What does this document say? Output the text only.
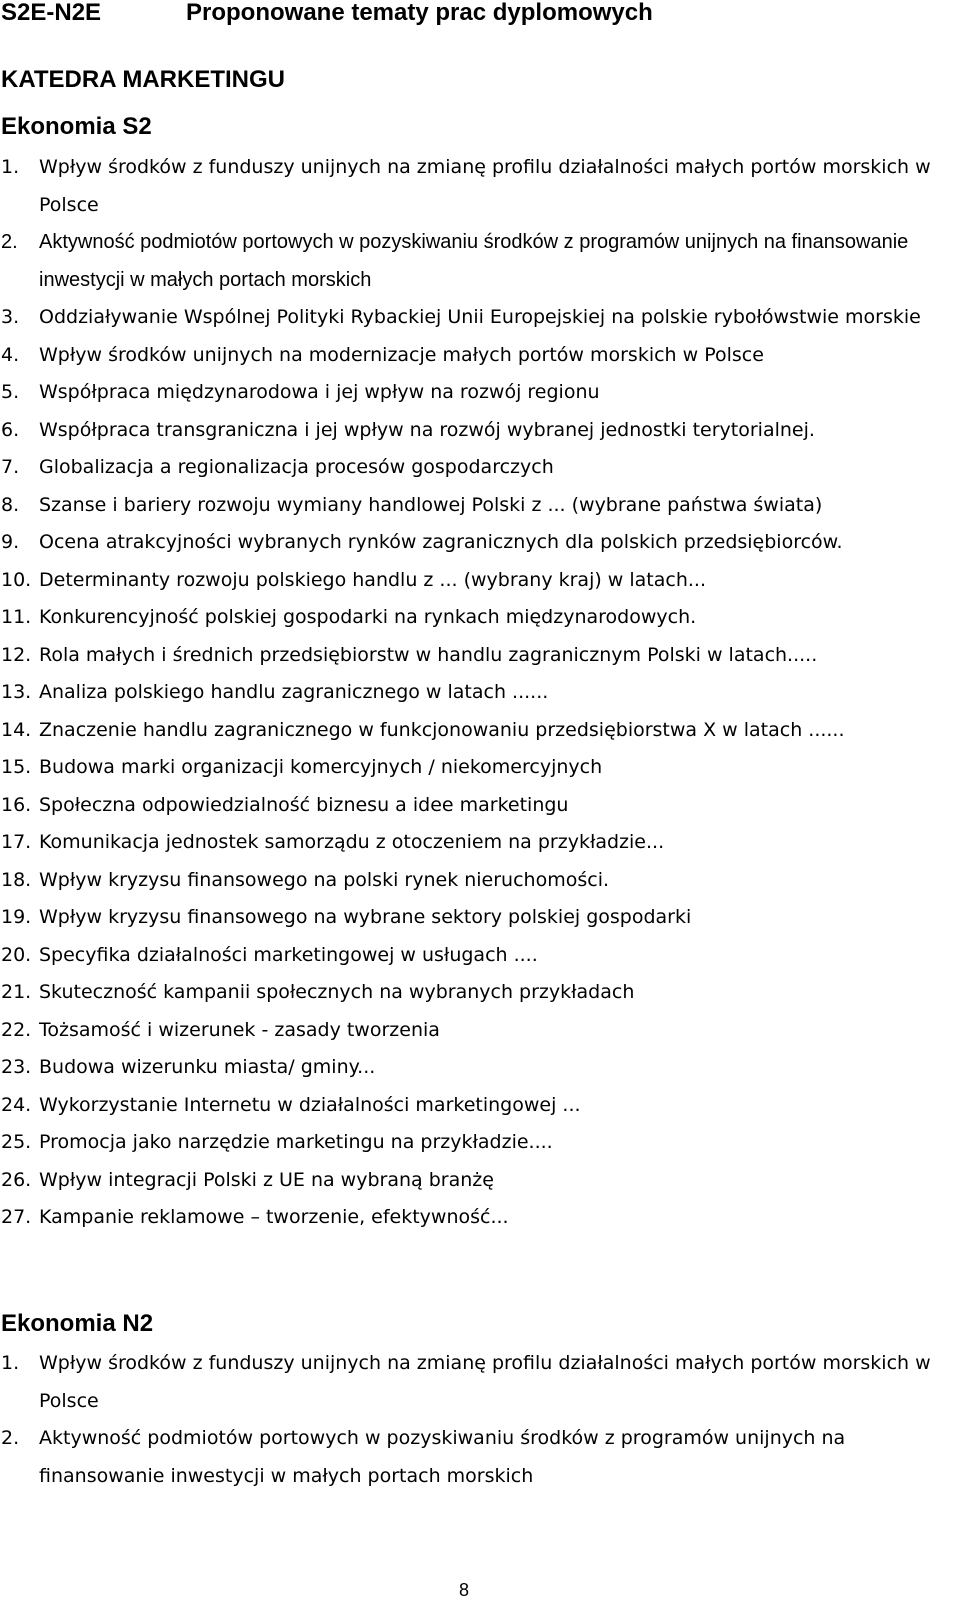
S2E-N2E	Proponowane tematy prac dyplomowych
KATEDRA MARKETINGU
Ekonomia S2
1. Wpływ środków z funduszy unijnych na zmianę profilu działalności małych portów morskich w Polsce
2. Aktywność podmiotów portowych w pozyskiwaniu środków z programów unijnych na finansowanie inwestycji w małych portach morskich
3. Oddziaływanie Wspólnej Polityki Rybackiej Unii Europejskiej na polskie rybołówstwie morskie
4. Wpływ środków unijnych na modernizacje małych portów morskich w Polsce
5. Współpraca międzynarodowa i jej wpływ na rozwój regionu
6. Współpraca transgraniczna i jej wpływ na rozwój wybranej jednostki terytorialnej.
7. Globalizacja a regionalizacja procesów gospodarczych
8. Szanse i bariery rozwoju wymiany handlowej Polski z ... (wybrane państwa świata)
9. Ocena atrakcyjności wybranych rynków zagranicznych dla polskich przedsiębiorców.
10. Determinanty rozwoju polskiego handlu z ... (wybrany kraj) w latach...
11. Konkurencyjność polskiej gospodarki na rynkach międzynarodowych.
12. Rola małych i średnich przedsiębiorstw w handlu zagranicznym Polski w latach.....
13. Analiza polskiego handlu zagranicznego w latach ......
14. Znaczenie handlu zagranicznego w funkcjonowaniu przedsiębiorstwa X w latach ......
15. Budowa marki organizacji komercyjnych / niekomercyjnych
16. Społeczna odpowiedzialność biznesu a idee marketingu
17. Komunikacja jednostek samorządu z otoczeniem na przykładzie...
18. Wpływ kryzysu finansowego na polski rynek nieruchomości.
19. Wpływ kryzysu finansowego na wybrane sektory polskiej gospodarki
20. Specyfika działalności marketingowej w usługach ....
21. Skuteczność kampanii społecznych na wybranych przykładach
22. Tożsamość i wizerunek - zasady tworzenia
23. Budowa wizerunku miasta/ gminy...
24. Wykorzystanie Internetu w działalności marketingowej ...
25. Promocja jako narzędzie marketingu na przykładzie....
26. Wpływ integracji Polski z UE na wybraną branżę
27. Kampanie reklamowe – tworzenie, efektywność...
Ekonomia N2
1. Wpływ środków z funduszy unijnych na zmianę profilu działalności małych portów morskich w Polsce
2. Aktywność podmiotów portowych w pozyskiwaniu środków z programów unijnych na finansowanie inwestycji w małych portach morskich
8
